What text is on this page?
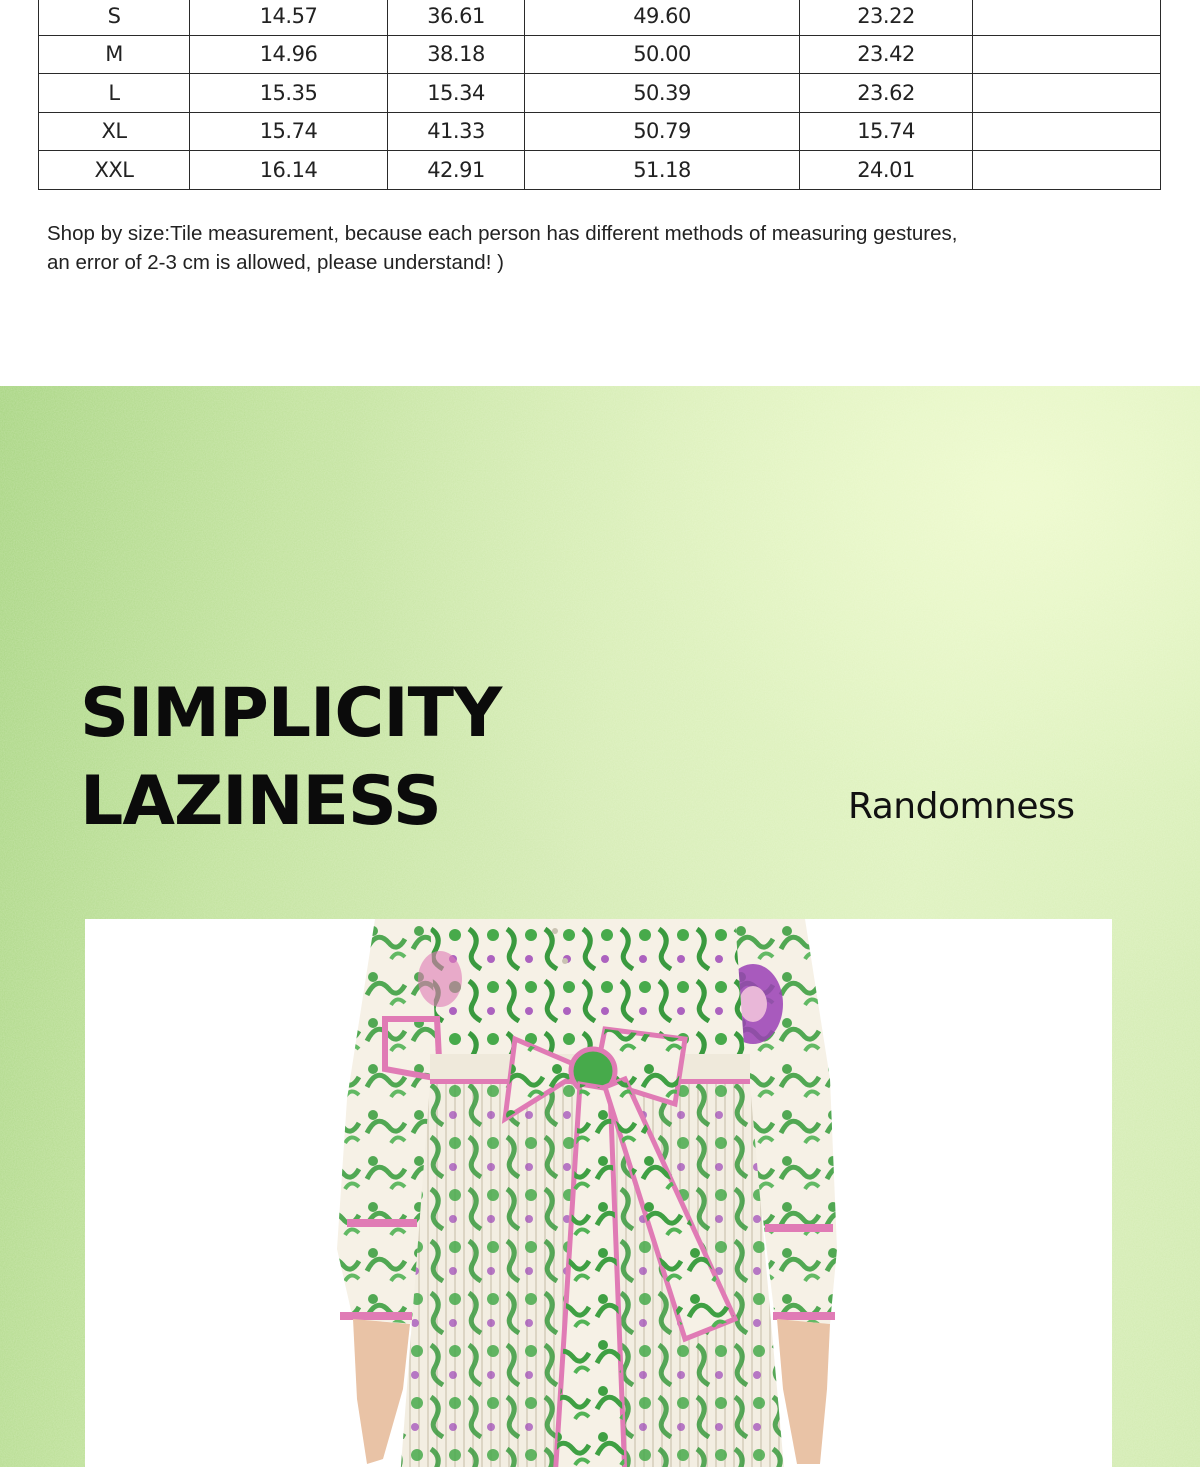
S	14.57	36.61	49.60	23.22	
M	14.96	38.18	50.00	23.42	
L	15.35	15.34	50.39	23.62	
XL	15.74	41.33	50.79	15.74	
XXL	16.14	42.91	51.18	24.01	

Shop by size:Tile measurement, because each person has different methods of measuring gestures,

an error of 2-3 cm is allowed, please understand! )

SIMPLICITY
LAZINESS	Randomness
